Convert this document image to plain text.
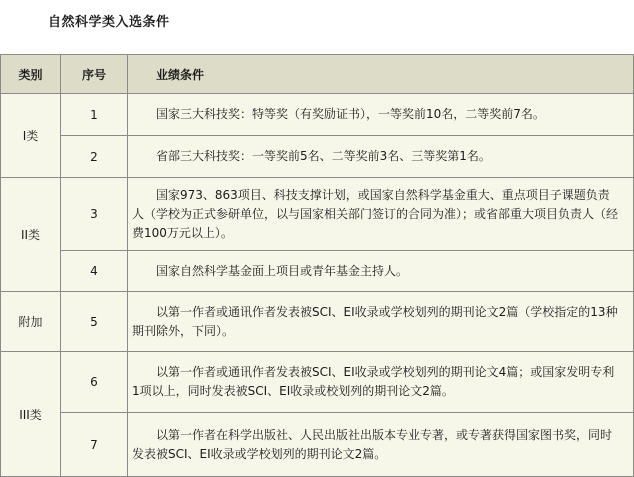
自然科学类入选条件
类别	序号	业绩条件
I类	1	国家三大科技奖：特等奖（有奖励证书），一等奖前10名，二等奖前7名。
	2	省部三大科技奖：一等奖前5名、二等奖前3名、三等奖第1名。
II类	3	国家973、863项目、科技支撑计划，或国家自然科学基金重大、重点项目子课题负责人（学校为正式参研单位，以与国家相关部门签订的合同为准）；或省部重大项目负责人（经费100万元以上）。
	4	国家自然科学基金面上项目或青年基金主持人。
附加	5	以第一作者或通讯作者发表被SCI、EI收录或学校划列的期刊论文2篇（学校指定的13种期刊除外，下同）。
III类	6	以第一作者或通讯作者发表被SCI、EI收录或学校划列的期刊论文4篇；或国家发明专利1项以上，同时发表被SCI、EI收录或校划列的期刊论文2篇。
	7	以第一作者在科学出版社、人民出版社出版本专业专著，或专著获得国家图书奖，同时发表被SCI、EI收录或学校划列的期刊论文2篇。
